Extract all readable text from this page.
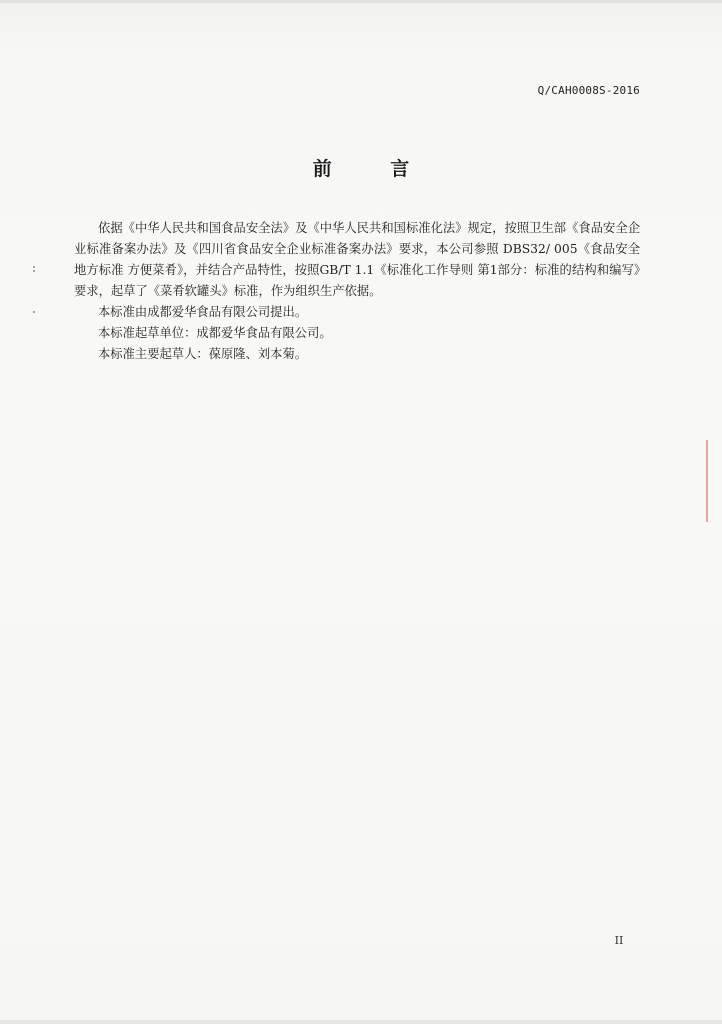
Q/CAH0008S-2016
前 言

依据《中华人民共和国食品安全法》及《中华人民共和国标准化法》规定，按照卫生部《食品安全企业标准备案办法》及《四川省食品安全企业标准备案办法》要求，本公司参照 DBS32/ 005《食品安全地方标准 方便菜肴》，并结合产品特性，按照GB/T 1.1《标准化工作导则 第1部分：标准的结构和编写》要求，起草了《菜肴软罐头》标准，作为组织生产依据。

本标准由成都爱华食品有限公司提出。

本标准起草单位：成都爱华食品有限公司。

本标准主要起草人：葆原隆、刘本菊。

II
